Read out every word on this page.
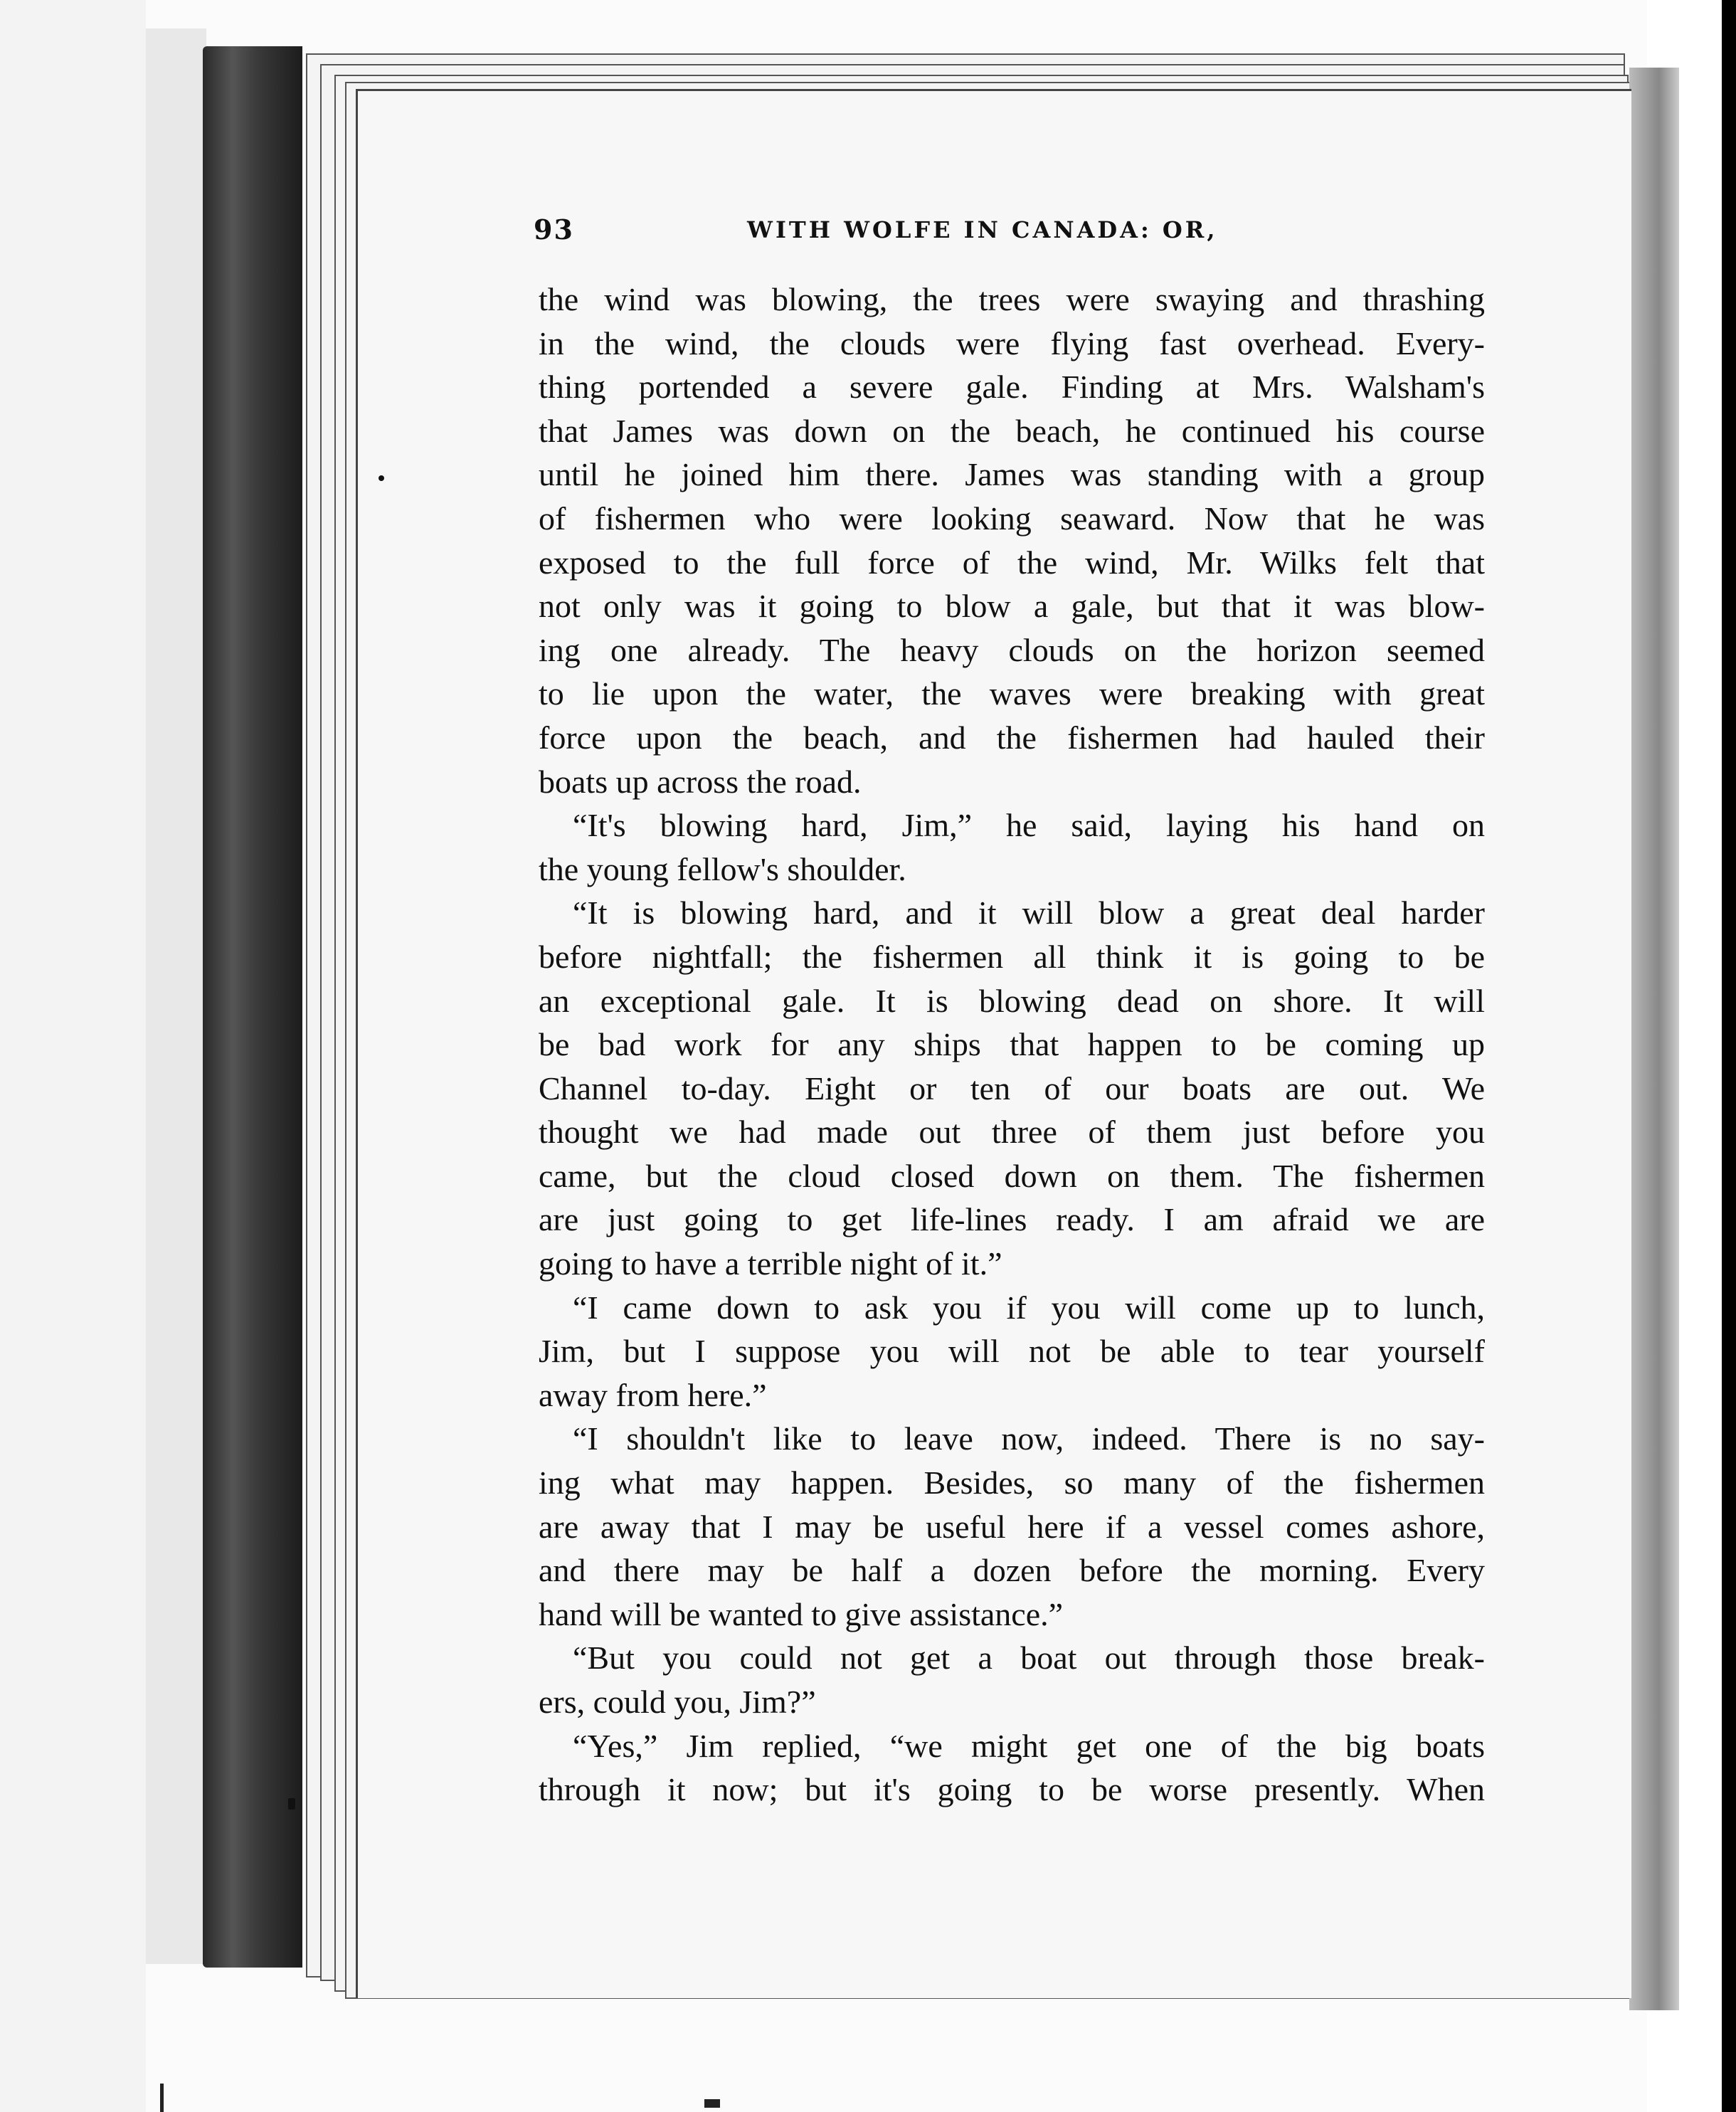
93	WITH WOLFE IN CANADA: OR,
the wind was blowing, the trees were swaying and thrashing
in the wind, the clouds were flying fast overhead. Every-
thing portended a severe gale. Finding at Mrs. Walsham's
that James was down on the beach, he continued his course
until he joined him there. James was standing with a group
of fishermen who were looking seaward. Now that he was
exposed to the full force of the wind, Mr. Wilks felt that
not only was it going to blow a gale, but that it was blow-
ing one already. The heavy clouds on the horizon seemed
to lie upon the water, the waves were breaking with great
force upon the beach, and the fishermen had hauled their
boats up across the road.
“It's blowing hard, Jim,” he said, laying his hand on
the young fellow's shoulder.
“It is blowing hard, and it will blow a great deal harder
before nightfall; the fishermen all think it is going to be
an exceptional gale. It is blowing dead on shore. It will
be bad work for any ships that happen to be coming up
Channel to-day. Eight or ten of our boats are out. We
thought we had made out three of them just before you
came, but the cloud closed down on them. The fishermen
are just going to get life-lines ready. I am afraid we are
going to have a terrible night of it.”
“I came down to ask you if you will come up to lunch,
Jim, but I suppose you will not be able to tear yourself
away from here.”
“I shouldn't like to leave now, indeed. There is no say-
ing what may happen. Besides, so many of the fishermen
are away that I may be useful here if a vessel comes ashore,
and there may be half a dozen before the morning. Every
hand will be wanted to give assistance.”
“But you could not get a boat out through those break-
ers, could you, Jim?”
“Yes,” Jim replied, “we might get one of the big boats
through it now; but it's going to be worse presently. When
